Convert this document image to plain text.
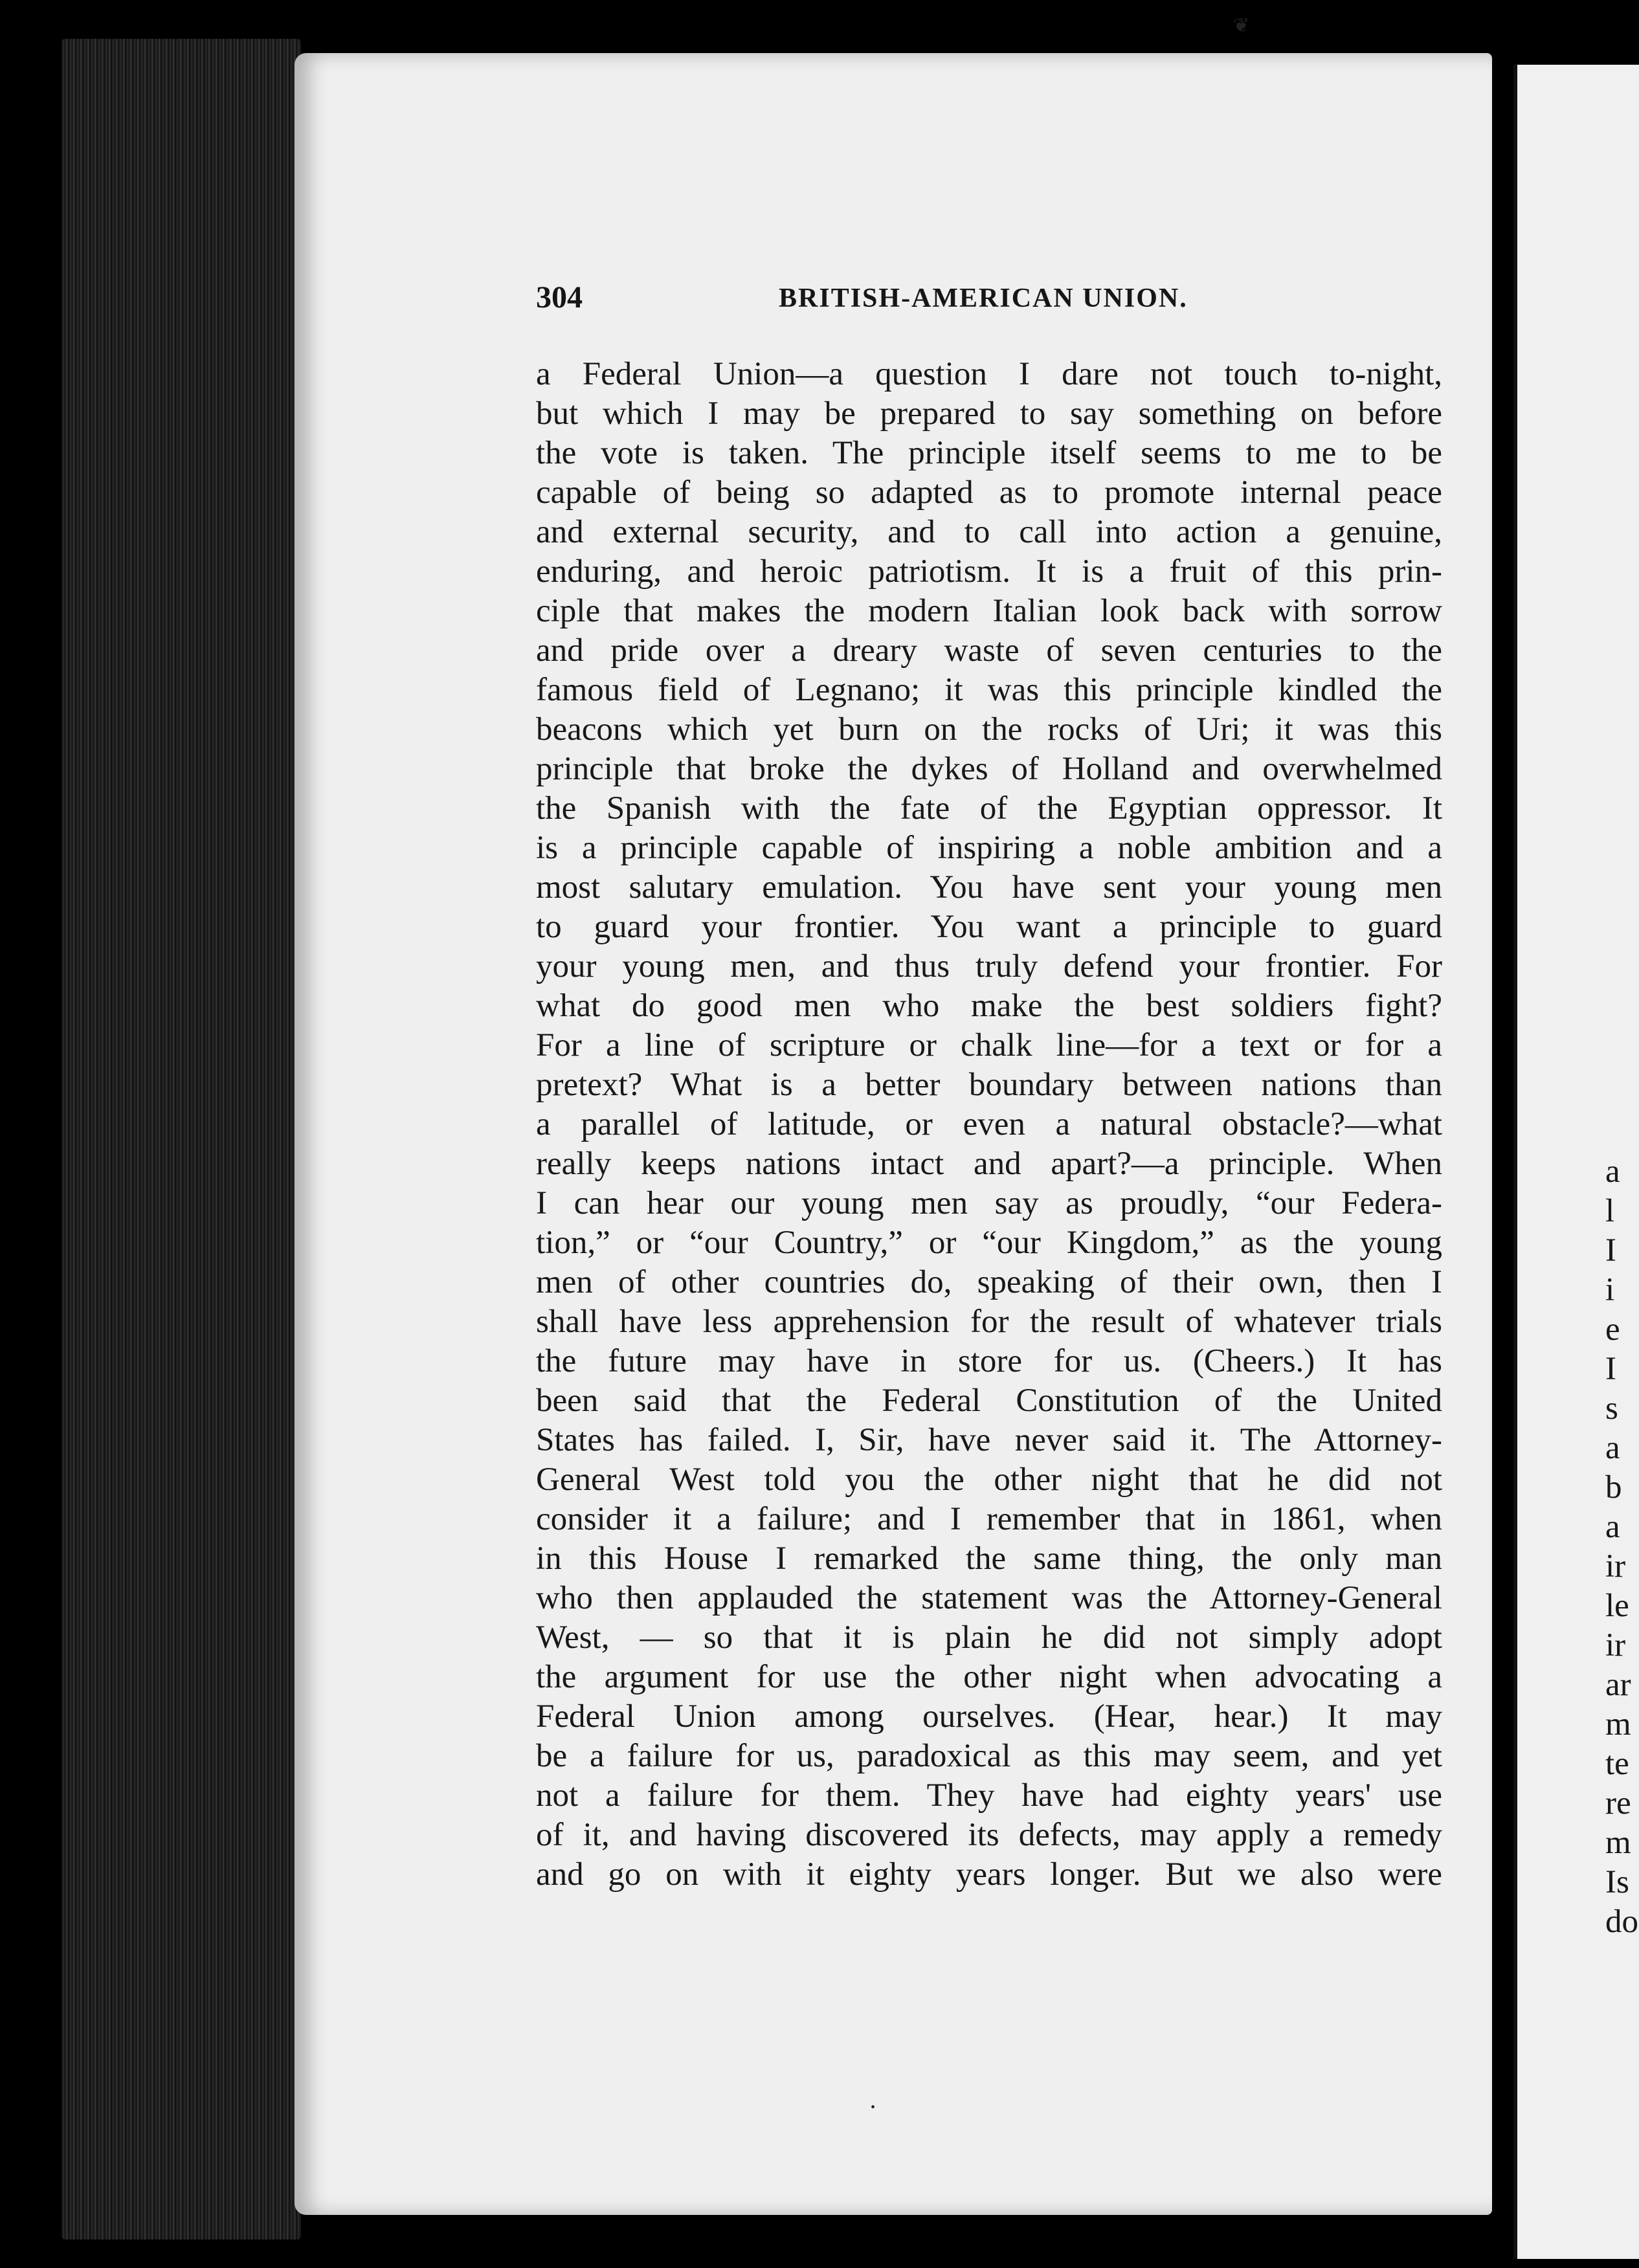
304	BRITISH-AMERICAN UNION.
a Federal Union—a question I dare not touch to-night,
but which I may be prepared to say something on before
the vote is taken. The principle itself seems to me to be
capable of being so adapted as to promote internal peace
and external security, and to call into action a genuine,
enduring, and heroic patriotism. It is a fruit of this prin-
ciple that makes the modern Italian look back with sorrow
and pride over a dreary waste of seven centuries to the
famous field of Legnano; it was this principle kindled the
beacons which yet burn on the rocks of Uri; it was this
principle that broke the dykes of Holland and overwhelmed
the Spanish with the fate of the Egyptian oppressor. It
is a principle capable of inspiring a noble ambition and a
most salutary emulation. You have sent your young men
to guard your frontier. You want a principle to guard
your young men, and thus truly defend your frontier. For
what do good men who make the best soldiers fight?
For a line of scripture or chalk line—for a text or for a
pretext? What is a better boundary between nations than
a parallel of latitude, or even a natural obstacle?—what
really keeps nations intact and apart?—a principle. When
I can hear our young men say as proudly, “our Federa-
tion,” or “our Country,” or “our Kingdom,” as the young
men of other countries do, speaking of their own, then I
shall have less apprehension for the result of whatever trials
the future may have in store for us. (Cheers.) It has
been said that the Federal Constitution of the United
States has failed. I, Sir, have never said it. The Attorney-
General West told you the other night that he did not
consider it a failure; and I remember that in 1861, when
in this House I remarked the same thing, the only man
who then applauded the statement was the Attorney-General
West, — so that it is plain he did not simply adopt
the argument for use the other night when advocating a
Federal Union among ourselves. (Hear, hear.) It may
be a failure for us, paradoxical as this may seem, and yet
not a failure for them. They have had eighty years' use
of it, and having discovered its defects, may apply a remedy
and go on with it eighty years longer. But we also were
a
l
I
i
e
I
s
a
b
a
ir
le
ir
ar
m
te
re
m
Is
do
❦
•
